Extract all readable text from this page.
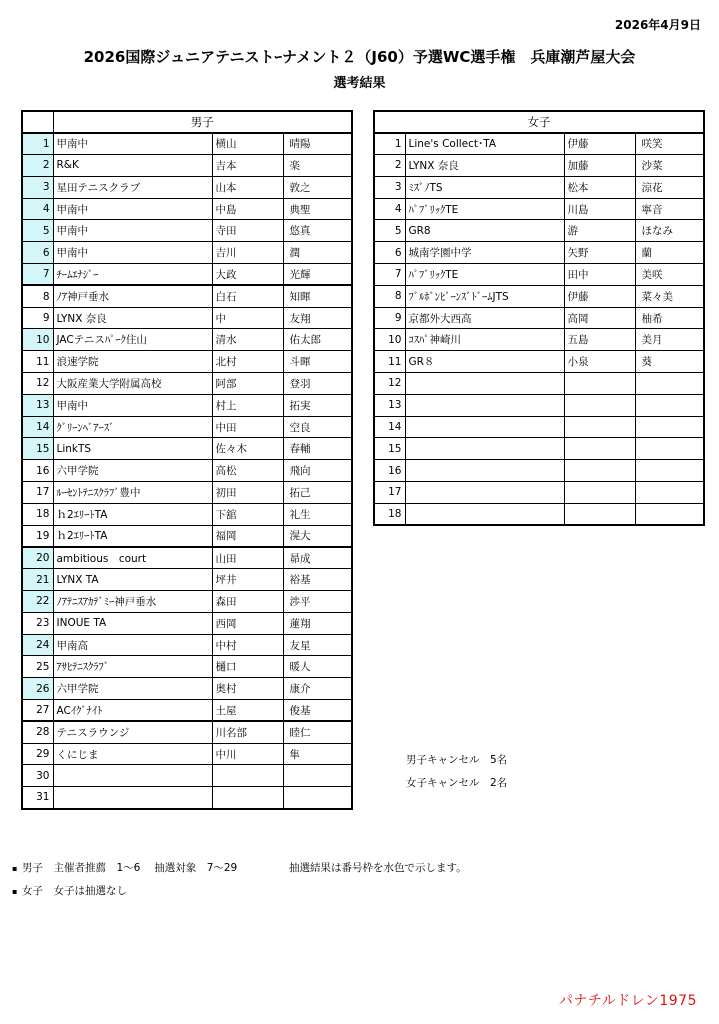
2026年4月9日
2026国際ジュニアテニストｰナメント２（J60）予選WC選手権　兵庫潮芦屋大会
選考結果
	男子		
1	甲南中	横山	晴陽
2	R&K	吉本	楽
3	星田テニスクラブ	山本	敦之
4	甲南中	中島	典聖
5	甲南中	寺田	悠真
6	甲南中	吉川	潤
7	ﾁｰﾑｴﾅｼﾞｰ	大政	光輝
8	ﾉｱ神戸垂水	白石	知暉
9	LYNX 奈良	中	友翔
10	JACテニスﾊﾟｰｸ住山	清水	佑太郎
11	浪速学院	北村	斗暉
12	大阪産業大学附属高校	阿部	登羽
13	甲南中	村上	拓実
14	ｸﾞﾘｰﾝﾍﾞｱｰｽﾞ	中田	空良
15	LinkTS	佐々木	春輔
16	六甲学院	高松	飛向
17	ﾙｰｾﾝﾄﾃﾆｽｸﾗﾌﾞ豊中	初田	拓己
18	ｈ2ｴﾘｰﾄTA	下舘	礼生
19	ｈ2ｴﾘｰﾄTA	福岡	滉大
20	ambitious　court	山田	昴成
21	LYNX TA	坪井	裕基
22	ﾉｱﾃﾆｽｱｶﾃﾞﾐｰ神戸垂水	森田	渉平
23	INOUE TA	西岡	蓮翔
24	甲南高	中村	友星
25	ｱｻﾋﾃﾆｽｸﾗﾌﾞ	樋口	暖人
26	六甲学院	奥村	康介
27	ACｲｸﾞﾅｲﾄ	土屋	俊基
28	テニスラウンジ	川名部	睦仁
29	くにじま	中川	隼
30			
31			
女子			
1	Line's Collect･TA	伊藤	咲笑
2	LYNX 奈良	加藤	沙菜
3	ﾐｽﾞﾉTS	松本	涼花
4	ﾊﾟﾌﾞﾘｯｸTE	川島	寧音
5	GR8	游	ほなみ
6	城南学園中学	矢野	蘭
7	ﾊﾟﾌﾞﾘｯｸTE	田中	美咲
8	ﾌﾞﾙﾎﾞﾝﾋﾞｰﾝｽﾞﾄﾞｰﾑJTS	伊藤	菜々美
9	京都外大西高	高岡	柚希
10	ｺｽﾊﾟ神崎川	五島	美月
11	GR８	小泉	葵
12			
13			
14			
15			
16			
17			
18			
男子キャンセル　5名
女子キャンセル　2名
▪ 男子　主催者推薦　1～6　 抽選対象　7～29	抽選結果は番号枠を水色で示します。
▪ 女子　女子は抽選なし
パナチルドレン1975
